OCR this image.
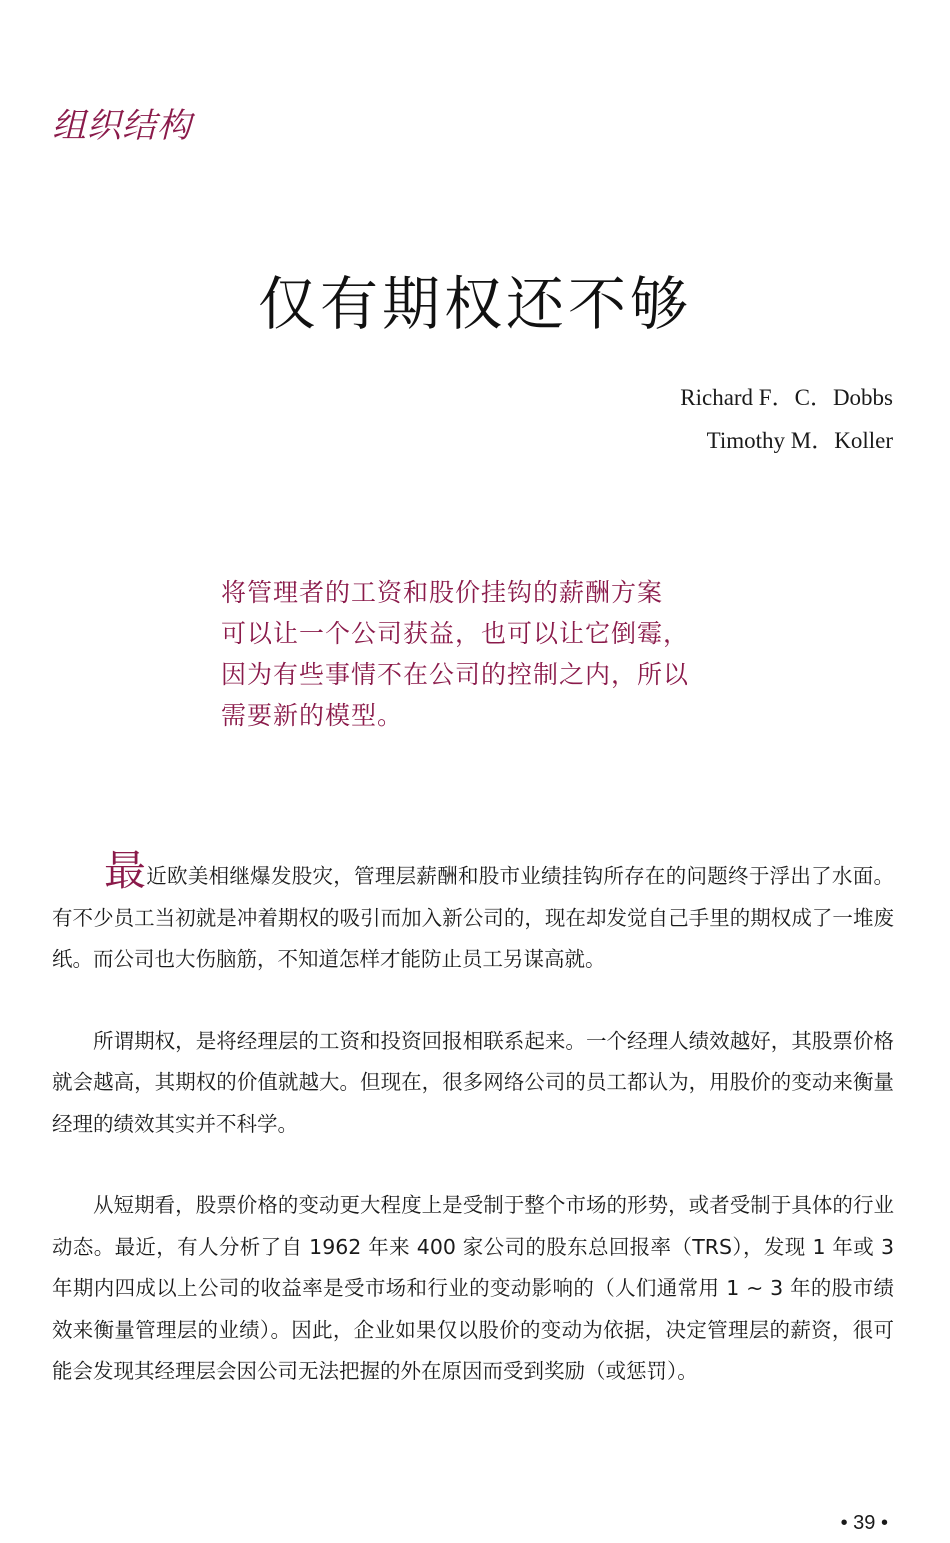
组织结构
仅有期权还不够
Richard F．C．Dobbs
Timothy M．Koller
将管理者的工资和股价挂钩的薪酬方案
可以让一个公司获益，也可以让它倒霉，
因为有些事情不在公司的控制之内，所以
需要新的模型。

最近欧美相继爆发股灾，管理层薪酬和股市业绩挂钩所存在的问题终于浮出了水面。有不少员工当初就是冲着期权的吸引而加入新公司的，现在却发觉自己手里的期权成了一堆废纸。而公司也大伤脑筋，不知道怎样才能防止员工另谋高就。

所谓期权，是将经理层的工资和投资回报相联系起来。一个经理人绩效越好，其股票价格就会越高，其期权的价值就越大。但现在，很多网络公司的员工都认为，用股价的变动来衡量经理的绩效其实并不科学。

从短期看，股票价格的变动更大程度上是受制于整个市场的形势，或者受制于具体的行业动态。最近，有人分析了自 1962 年来 400 家公司的股东总回报率（TRS），发现 1 年或 3 年期内四成以上公司的收益率是受市场和行业的变动影响的（人们通常用 1 ~ 3 年的股市绩效来衡量管理层的业绩）。因此，企业如果仅以股价的变动为依据，决定管理层的薪资，很可能会发现其经理层会因公司无法把握的外在原因而受到奖励（或惩罚）。

• 39 •
